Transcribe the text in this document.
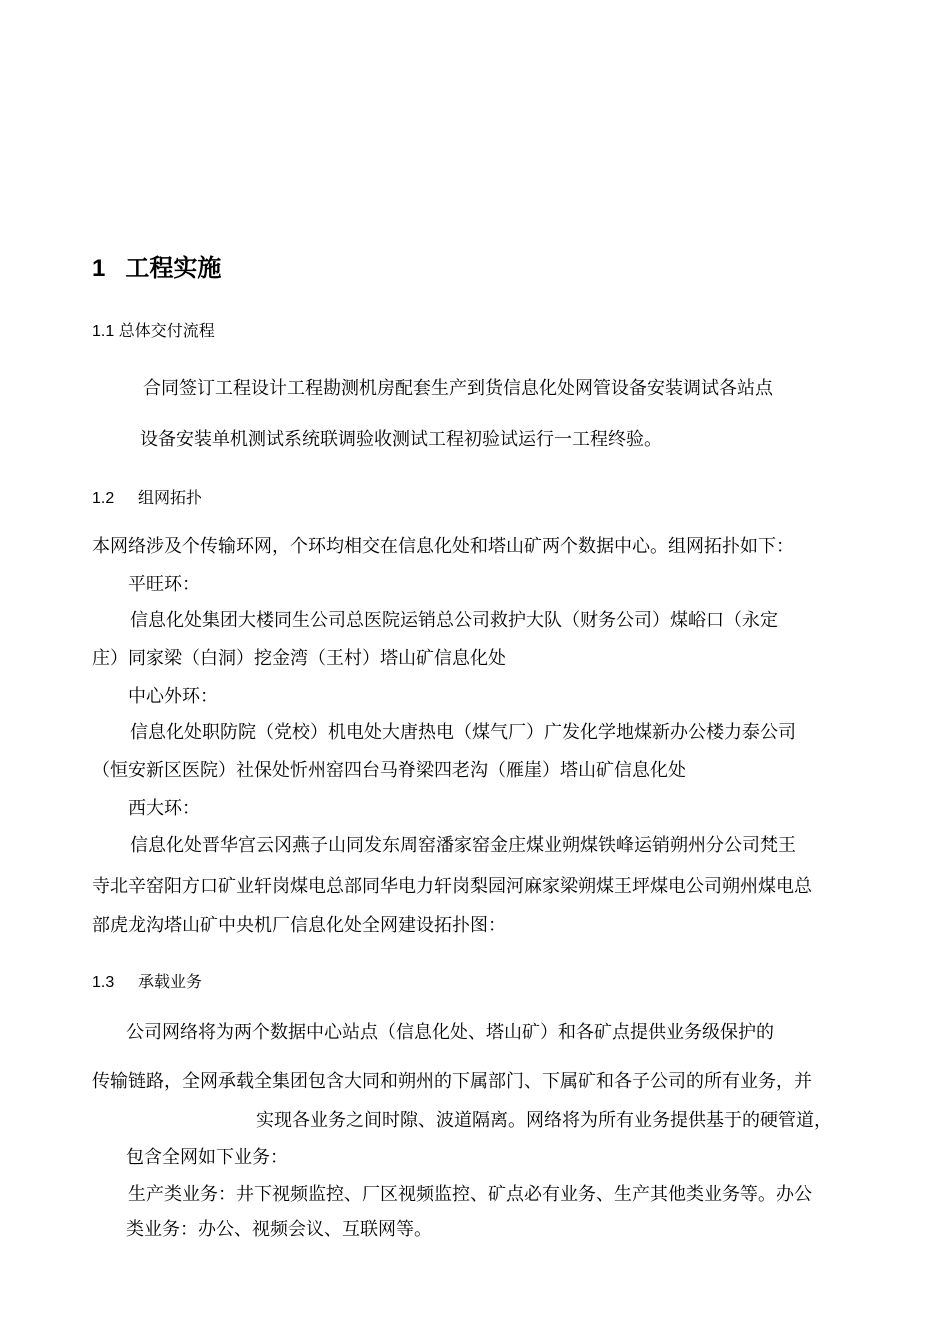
1 工程实施
1.1 总体交付流程
合同签订工程设计工程勘测机房配套生产到货信息化处网管设备安装调试各站点
设备安装单机测试系统联调验收测试工程初验试运行一工程终验。
1.2 组网拓扑
本网络涉及个传输环网，个环均相交在信息化处和塔山矿两个数据中心。组网拓扑如下：
平旺环：
信息化处集团大楼同生公司总医院运销总公司救护大队（财务公司）煤峪口（永定
庄）同家梁（白洞）挖金湾（王村）塔山矿信息化处
中心外环：
信息化处职防院（党校）机电处大唐热电（煤气厂）广发化学地煤新办公楼力泰公司
（恒安新区医院）社保处忻州窑四台马脊梁四老沟（雁崖）塔山矿信息化处
西大环：
信息化处晋华宫云冈燕子山同发东周窑潘家窑金庄煤业朔煤铁峰运销朔州分公司梵王
寺北辛窑阳方口矿业轩岗煤电总部同华电力轩岗梨园河麻家梁朔煤王坪煤电公司朔州煤电总
部虎龙沟塔山矿中央机厂信息化处全网建设拓扑图：
1.3 承载业务
公司网络将为两个数据中心站点（信息化处、塔山矿）和各矿点提供业务级保护的
传输链路，全网承载全集团包含大同和朔州的下属部门、下属矿和各子公司的所有业务，并
实现各业务之间时隙、波道隔离。网络将为所有业务提供基于的硬管道，
包含全网如下业务：
生产类业务：井下视频监控、厂区视频监控、矿点必有业务、生产其他类业务等。办公
类业务：办公、视频会议、互联网等。
